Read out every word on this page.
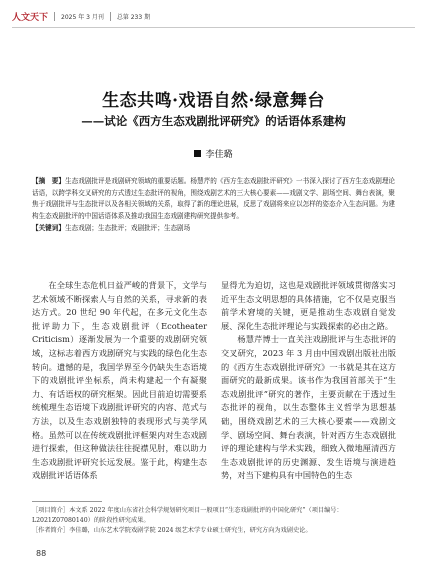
人文天下 2025 年 3 月刊 总第 233 期
生态共鸣·戏语自然·绿意舞台
——试论《西方生态戏剧批评研究》的话语体系建构
李佳璐
【摘　要】生态戏剧批评是戏剧研究领域的重要话题。杨慧芹的《西方生态戏剧批评研究》一书深入探讨了西方生态戏剧理论话语，以跨学科交叉研究的方式透过生态批评的视角，围绕戏剧艺术的三大核心要素——戏剧文学、剧场空间、舞台表演，聚焦于戏剧批评与生态批评以及各相关领域的关系，取得了新的理论进展，反思了戏剧将来应以怎样的姿态介入生态问题。为建构生态戏剧批评的中国话语体系及推动我国生态戏剧建构研究提供参考。
【关键词】生态戏剧；生态批评；戏剧批评；生态剧场

在全球生态危机日益严峻的背景下，文学与艺术领域不断探索人与自然的关系，寻求新的表达方式。20 世纪 90 年代起，在多元文化生态批评助力下，生态戏剧批评（Ecotheater Criticism）逐渐发展为一个重要的戏剧研究领域，这标志着西方戏剧研究与实践的绿色化生态转向。遗憾的是，我国学界至今仍缺失生态语境下的戏剧批评坐标系，尚未构建起一个有凝聚力、有话语权的研究框架。因此目前迫切需要系统梳理生态语境下戏剧批评研究的内容、范式与方法，以及生态戏剧独特的表现形式与美学风格。虽然可以在传统戏剧批评框架内对生态戏剧进行探索，但这种做法往往捉襟见肘，难以助力生态戏剧批评研究长远发展。鉴于此，构建生态戏剧批评话语体系

显得尤为迫切，这也是戏剧批评领域贯彻落实习近平生态文明思想的具体措施，它不仅是克服当前学术窘境的关键，更是推动生态戏剧自觉发展、深化生态批评理论与实践探索的必由之路。

杨慧芹博士一直关注戏剧批评与生态批评的交叉研究，2023 年 3 月由中国戏剧出版社出版的《西方生态戏剧批评研究》一书就是其在这方面研究的最新成果。该书作为我国首部关于“生态戏剧批评”研究的著作，主要贡献在于透过生态批评的视角，以生态整体主义哲学为思想基础，围绕戏剧艺术的三大核心要素——戏剧文学、剧场空间、舞台表演，针对西方生态戏剧批评的理论建构与学术实践，细致入微地厘清西方生态戏剧批评的历史渊源、发生语境与演进趋势，对当下建构具有中国特色的生态

［项目简介］本文系 2022 年度山东省社会科学规划研究项目一般项目“生态戏剧批评的中国化研究”（项目编号：L2021Z07080140）的阶段性研究成果。
［作者简介］李佳璐，山东艺术学院戏剧学院 2024 级艺术学专业硕士研究生，研究方向为戏剧史论。
88
